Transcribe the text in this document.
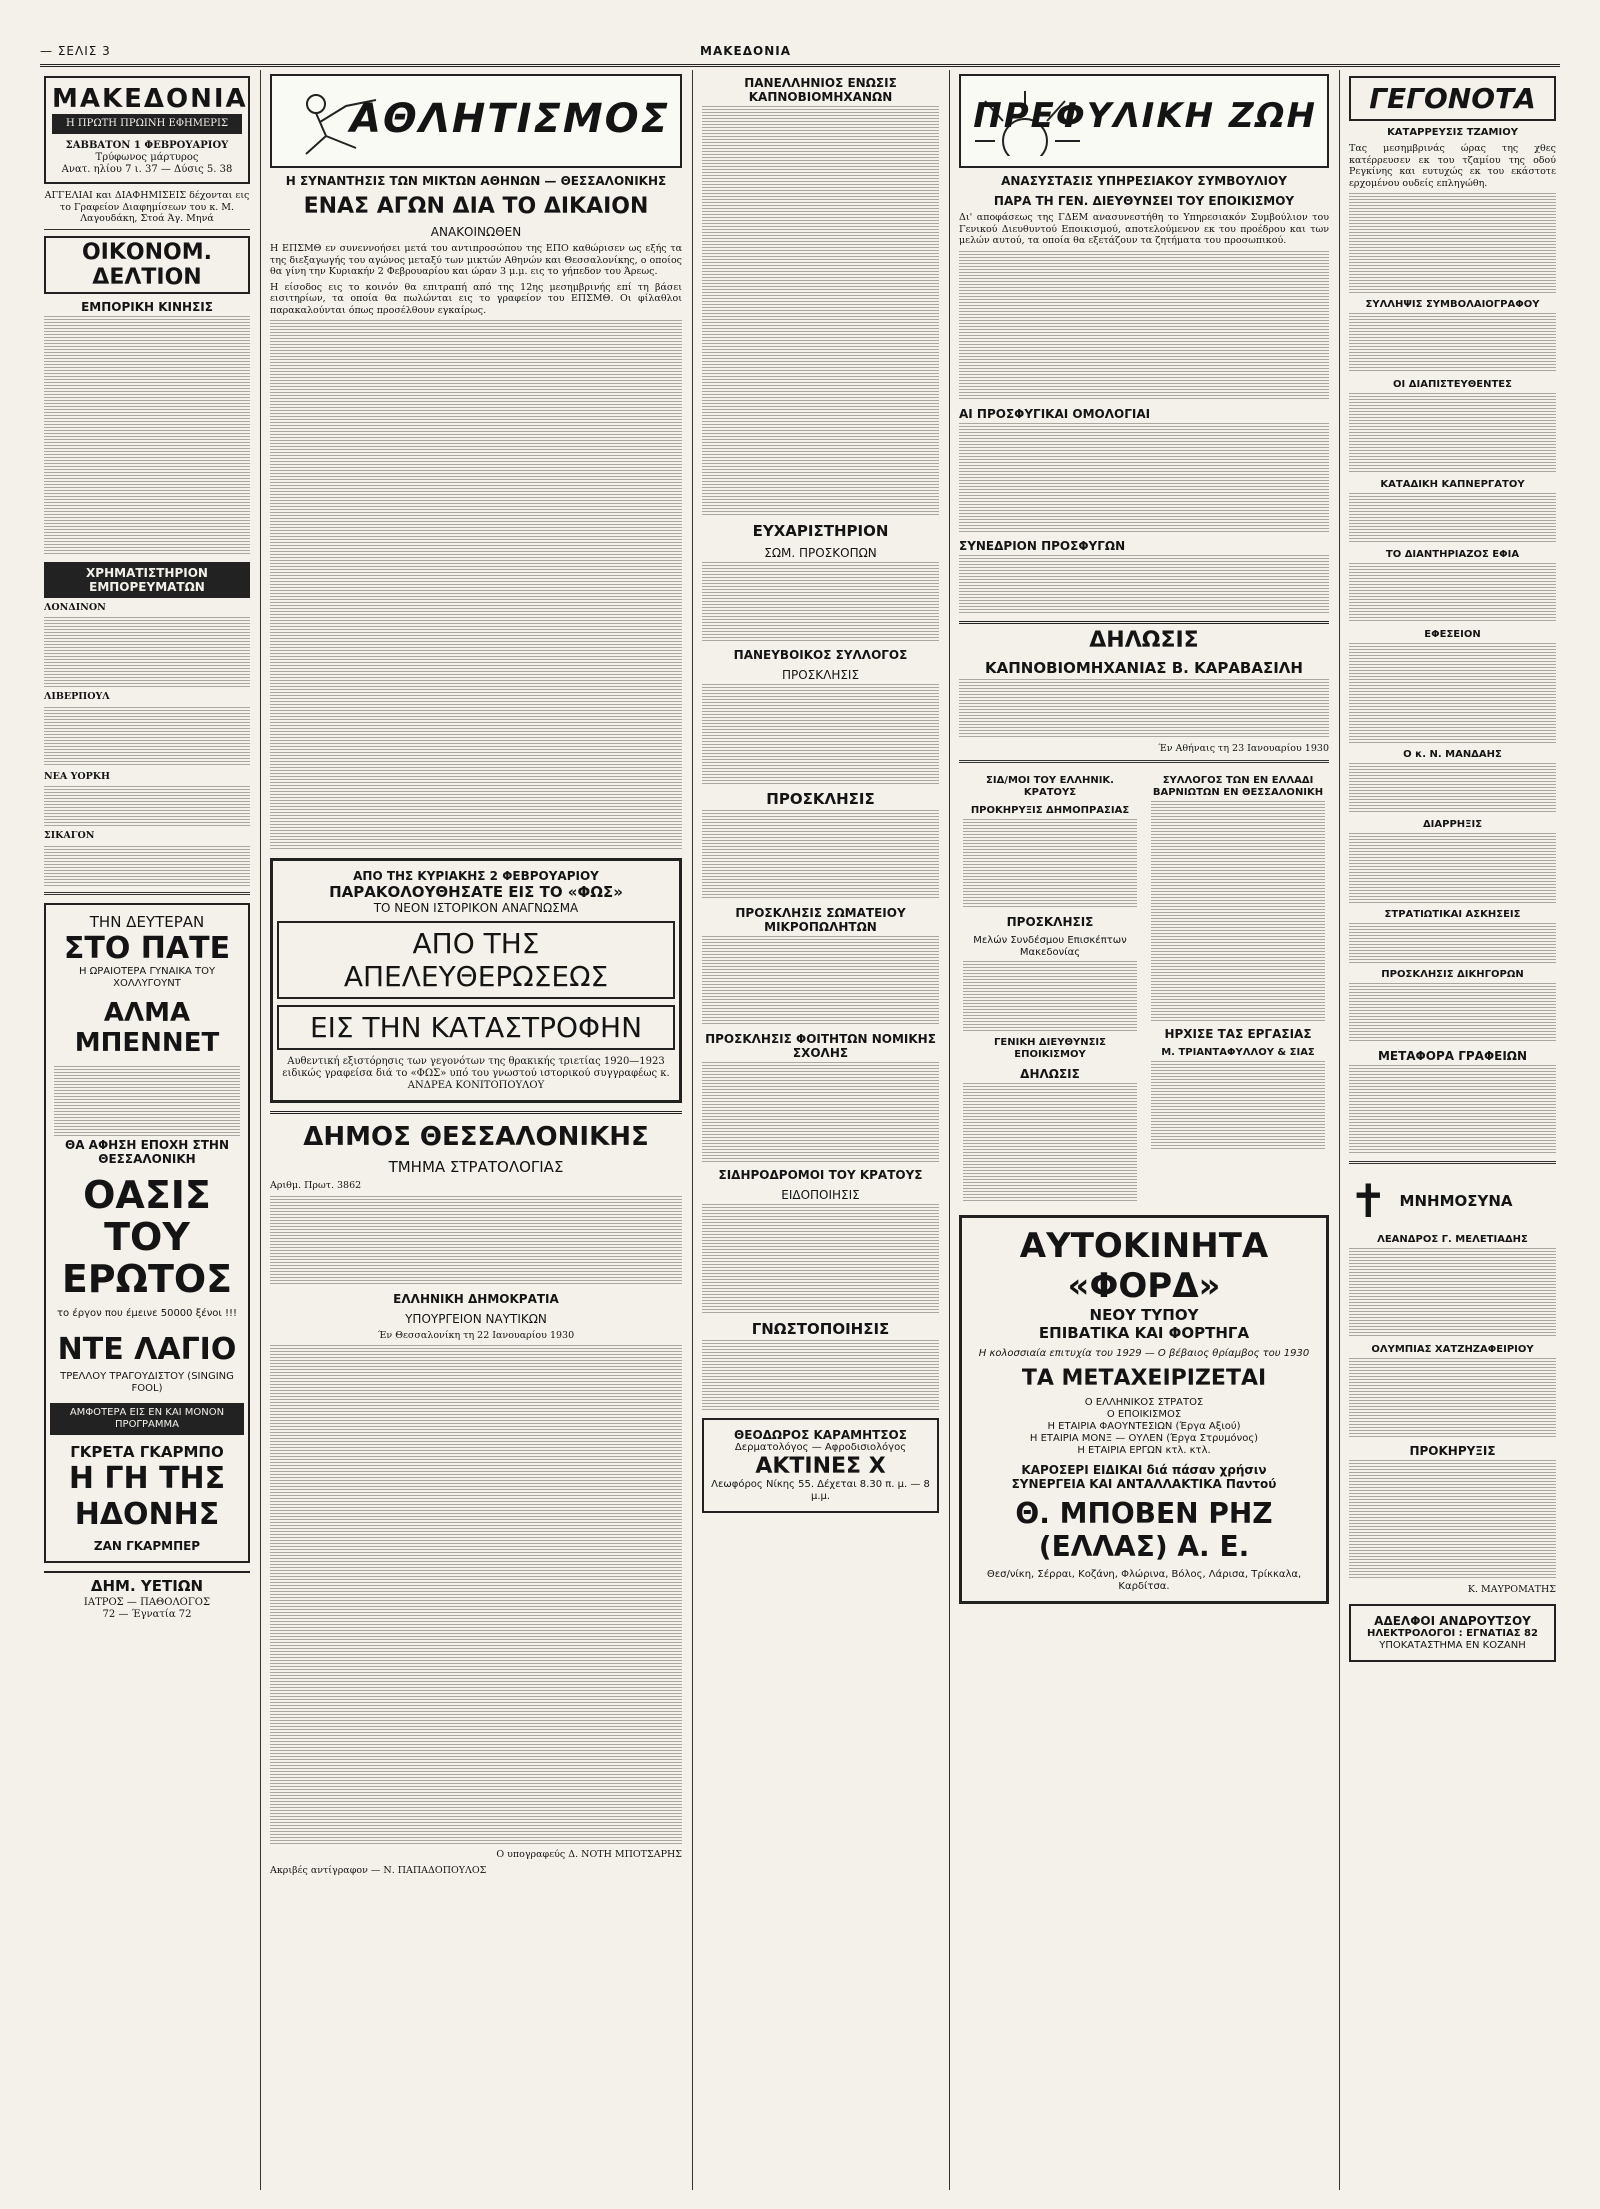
— ΣΕΛΙΣ 3	ΜΑΚΕΔΟΝΙΑ
ΜΑΚΕΔΟΝΙΑ
Η ΠΡΩΤΗ ΠΡΩΙΝΗ ΕΦΗΜΕΡΙΣ
ΣΑΒΒΑΤΟΝ 1 ΦΕΒΡΟΥΑΡΙΟΥ
Τρύφωνος μάρτυρος
Ανατ. ηλίου 7 ι. 37 — Δύσις 5. 38
ΑΓΓΕΛΙΑΙ και ΔΙΑΦΗΜΙΣΕΙΣ δέχονται εις το Γραφείον Διαφημίσεων του κ. Μ. Λαγουδάκη, Στοά Άγ. Μηνά
ΟΙΚΟΝΟΜ. ΔΕΛΤΙΟΝ
ΕΜΠΟΡΙΚΗ ΚΙΝΗΣΙΣ
ΧΡΗΜΑΤΙΣΤΗΡΙΟΝ ΕΜΠΟΡΕΥΜΑΤΩΝ
ΛΟΝΔΙΝΟΝ
ΛΙΒΕΡΠΟΥΛ
ΝΕΑ ΥΟΡΚΗ
ΣΙΚΑΓΟΝ
ΤΗΝ ΔΕΥΤΕΡΑΝ
ΣΤΟ ΠΑΤΕ
Η ΩΡΑΙΟΤΕΡΑ ΓΥΝΑΙΚΑ ΤΟΥ ΧΟΛΛΥΓΟΥΝΤ
ΑΛΜΑ ΜΠΕΝΝΕΤ
ΘΑ ΑΦΗΣΗ ΕΠΟΧΗ ΣΤΗΝ ΘΕΣΣΑΛΟΝΙΚΗ
ΟΑΣΙΣ ΤΟΥ ΕΡΩΤΟΣ
το έργον που έμεινε 50000 ξένοι !!!
ΝΤΕ ΛΑΓΙΟ
ΤΡΕΛΛΟΥ ΤΡΑΓΟΥΔΙΣΤΟΥ (SINGING FOOL)
ΑΜΦΟΤΕΡΑ ΕΙΣ ΕΝ ΚΑΙ ΜΟΝΟΝ ΠΡΟΓΡΑΜΜΑ
ΓΚΡΕΤΑ ΓΚΑΡΜΠΟ
Η ΓΗ ΤΗΣ ΗΔΟΝΗΣ
ΖΑΝ ΓΚΑΡΜΠΕΡ
ΔΗΜ. ΥΕΤΙΩΝ
ΙΑΤΡΟΣ — ΠΑΘΟΛΟΓΟΣ
72 — Έγνατία 72
ΑΘΛΗΤΙΣΜΟΣ
Η ΣΥΝΑΝΤΗΣΙΣ ΤΩΝ ΜΙΚΤΩΝ ΑΘΗΝΩΝ — ΘΕΣΣΑΛΟΝΙΚΗΣ
ΕΝΑΣ ΑΓΩΝ ΔΙΑ ΤΟ ΔΙΚΑΙΟΝ
ΑΝΑΚΟΙΝΩΘΕΝ
Η ΕΠΣΜΘ εν συνεννοήσει μετά του αντιπροσώπου της ΕΠΟ καθώρισεν ως εξής τα της διεξαγωγής του αγώνος μεταξύ των μικτών Αθηνών και Θεσσαλονίκης, ο οποίος θα γίνη την Κυριακήν 2 Φεβρουαρίου και ώραν 3 μ.μ. εις το γήπεδον του Άρεως.
Η είσοδος εις το κοινόν θα επιτραπή από της 12ης μεσημβρινής επί τη βάσει εισιτηρίων, τα οποία θα πωλώνται εις το γραφείον του ΕΠΣΜΘ. Οι φίλαθλοι παρακαλούνται όπως προσέλθουν εγκαίρως.
ΑΠΟ ΤΗΣ ΚΥΡΙΑΚΗΣ 2 ΦΕΒΡΟΥΑΡΙΟΥ
ΠΑΡΑΚΟΛΟΥΘΗΣΑΤΕ ΕΙΣ ΤΟ «ΦΩΣ»
ΤΟ ΝΕΟΝ ΙΣΤΟΡΙΚΟΝ ΑΝΑΓΝΩΣΜΑ
ΑΠΟ ΤΗΣ ΑΠΕΛΕΥΘΕΡΩΣΕΩΣ
ΕΙΣ ΤΗΝ ΚΑΤΑΣΤΡΟΦΗΝ
Αυθεντική εξιστόρησις των γεγονότων της θρακικής τριετίας 1920—1923 ειδικώς γραφείσα διά το «ΦΩΣ» υπό του γνωστού ιστορικού συγγραφέως κ. ΑΝΔΡΕΑ ΚΟΝΙΤΟΠΟΥΛΟΥ
ΔΗΜΟΣ ΘΕΣΣΑΛΟΝΙΚΗΣ
ΤΜΗΜΑ ΣΤΡΑΤΟΛΟΓΙΑΣ
Αριθμ. Πρωτ. 3862
ΕΛΛΗΝΙΚΗ ΔΗΜΟΚΡΑΤΙΑ
ΥΠΟΥΡΓΕΙΟΝ ΝΑΥΤΙΚΩΝ
Έν Θεσσαλονίκη τη 22 Ιανουαρίου 1930
Ο υπογραφεύς Δ. ΝΟΤΗ ΜΠΟΤΣΑΡΗΣ
Ακριβές αντίγραφον — Ν. ΠΑΠΑΔΟΠΟΥΛΟΣ
ΠΑΝΕΛΛΗΝΙΟΣ ΕΝΩΣΙΣ ΚΑΠΝΟΒΙΟΜΗΧΑΝΩΝ
ΕΥΧΑΡΙΣΤΗΡΙΟΝ
ΣΩΜ. ΠΡΟΣΚΟΠΩΝ
ΠΑΝΕΥΒΟΙΚΟΣ ΣΥΛΛΟΓΟΣ
ΠΡΟΣΚΛΗΣΙΣ
ΠΡΟΣΚΛΗΣΙΣ
ΠΡΟΣΚΛΗΣΙΣ ΣΩΜΑΤΕΙΟΥ ΜΙΚΡΟΠΩΛΗΤΩΝ
ΠΡΟΣΚΛΗΣΙΣ ΦΟΙΤΗΤΩΝ ΝΟΜΙΚΗΣ ΣΧΟΛΗΣ
ΣΙΔΗΡΟΔΡΟΜΟΙ ΤΟΥ ΚΡΑΤΟΥΣ
ΕΙΔΟΠΟΙΗΣΙΣ
ΓΝΩΣΤΟΠΟΙΗΣΙΣ
ΘΕΟΔΩΡΟΣ ΚΑΡΑΜΗΤΣΟΣ
Δερματολόγος — Αφροδισιολόγος
ΑΚΤΙΝΕΣ Χ
Λεωφόρος Νίκης 55. Δέχεται 8.30 π. μ. — 8 μ.μ.
ΠΡΕΦΥΛΙΚΗ ΖΩΗ
ΑΝΑΣΥΣΤΑΣΙΣ ΥΠΗΡΕΣΙΑΚΟΥ ΣΥΜΒΟΥΛΙΟΥ
ΠΑΡΑ ΤΗ ΓΕΝ. ΔΙΕΥΘΥΝΣΕΙ ΤΟΥ ΕΠΟΙΚΙΣΜΟΥ
Δι' αποφάσεως της ΓΔΕΜ ανασυνεστήθη το Υπηρεσιακόν Συμβούλιον του Γενικού Διευθυντού Εποικισμού, αποτελούμενον εκ του προέδρου και των μελών αυτού, τα οποία θα εξετάζουν τα ζητήματα του προσωπικού.
ΑΙ ΠΡΟΣΦΥΓΙΚΑΙ ΟΜΟΛΟΓΙΑΙ
ΣΥΝΕΔΡΙΟΝ ΠΡΟΣΦΥΓΩΝ
ΔΗΛΩΣΙΣ
ΚΑΠΝΟΒΙΟΜΗΧΑΝΙΑΣ Β. ΚΑΡΑΒΑΣΙΛΗ
Έν Αθήναις τη 23 Ιανουαρίου 1930
ΣΙΔ/ΜΟΙ ΤΟΥ ΕΛΛΗΝΙΚ. ΚΡΑΤΟΥΣ
ΠΡΟΚΗΡΥΞΙΣ ΔΗΜΟΠΡΑΣΙΑΣ
ΠΡΟΣΚΛΗΣΙΣ
Μελών Συνδέσμου Επισκέπτων Μακεδονίας
ΓΕΝΙΚΗ ΔΙΕΥΘΥΝΣΙΣ ΕΠΟΙΚΙΣΜΟΥ
ΔΗΛΩΣΙΣ
ΣΥΛΛΟΓΟΣ ΤΩΝ ΕΝ ΕΛΛΑΔΙ ΒΑΡΝΙΩΤΩΝ ΕΝ ΘΕΣΣΑΛΟΝΙΚΗ
ΗΡΧΙΣΕ ΤΑΣ ΕΡΓΑΣΙΑΣ
Μ. ΤΡΙΑΝΤΑΦΥΛΛΟΥ & ΣΙΑΣ
ΑΥΤΟΚΙΝΗΤΑ «ΦΟΡΔ»
ΝΕΟΥ ΤΥΠΟΥ
ΕΠΙΒΑΤΙΚΑ ΚΑΙ ΦΟΡΤΗΓΑ
Η κολοσσιαία επιτυχία του 1929 — Ο βέβαιος θρίαμβος του 1930
ΤΑ ΜΕΤΑΧΕΙΡΙΖΕΤΑΙ
Ο ΕΛΛΗΝΙΚΟΣ ΣΤΡΑΤΟΣ
Ο ΕΠΟΙΚΙΣΜΟΣ
Η ΕΤΑΙΡΙΑ ΦΑΟΥΝΤΕΣΙΩΝ (Έργα Αξιού)
Η ΕΤΑΙΡΙΑ ΜΟΝΞ — ΟΥΛΕΝ (Έργα Στρυμόνος)
Η ΕΤΑΙΡΙΑ ΕΡΓΩΝ κτλ. κτλ.
ΚΑΡΟΣΕΡΙ ΕΙΔΙΚΑΙ διά πάσαν χρήσιν
ΣΥΝΕΡΓΕΙΑ ΚΑΙ ΑΝΤΑΛΛΑΚΤΙΚΑ Παντού
Θ. ΜΠΟΒΕΝ ΡΗΖ (ΕΛΛΑΣ) Α. Ε.
Θεσ/νίκη, Σέρραι, Κοζάνη, Φλώρινα, Βόλος, Λάρισα, Τρίκκαλα, Καρδίτσα.
ΓΕΓΟΝΟΤΑ
ΚΑΤΑΡΡΕΥΣΙΣ ΤΖΑΜΙΟΥ
Τας μεσημβρινάς ώρας της χθες κατέρρευσεν εκ του τζαμίου της οδού Ρεγκίνης και ευτυχώς εκ του εκάστοτε ερχομένου ουδείς επληγώθη.
ΣΥΛΛΗΨΙΣ ΣΥΜΒΟΛΑΙΟΓΡΑΦΟΥ
ΟΙ ΔΙΑΠΙΣΤΕΥΘΕΝΤΕΣ
ΚΑΤΑΔΙΚΗ ΚΑΠΝΕΡΓΑΤΟΥ
ΤΟ ΔΙΑΝΤΗΡΙΑΖΟΣ ΕΦΙΑ
ΕΦΕΣΕΙΟΝ
Ο κ. Ν. ΜΑΝΔΑΗΣ
ΔΙΑΡΡΗΞΙΣ
ΣΤΡΑΤΙΩΤΙΚΑΙ ΑΣΚΗΣΕΙΣ
ΠΡΟΣΚΛΗΣΙΣ ΔΙΚΗΓΟΡΩΝ
ΜΕΤΑΦΟΡΑ ΓΡΑΦΕΙΩΝ
✝ ΜΝΗΜΟΣΥΝΑ
ΛΕΑΝΔΡΟΣ Γ. ΜΕΛΕΤΙΑΔΗΣ
ΟΛΥΜΠΙΑΣ ΧΑΤΖΗΖΑΦΕΙΡΙΟΥ
ΠΡΟΚΗΡΥΞΙΣ
Κ. ΜΑΥΡΟΜΑΤΗΣ
ΑΔΕΛΦΟΙ ΑΝΔΡΟΥΤΣΟΥ
ΗΛΕΚΤΡΟΛΟΓΟΙ : ΕΓΝΑΤΙΑΣ 82
ΥΠΟΚΑΤΑΣΤΗΜΑ ΕΝ ΚΟΖΑΝΗ
